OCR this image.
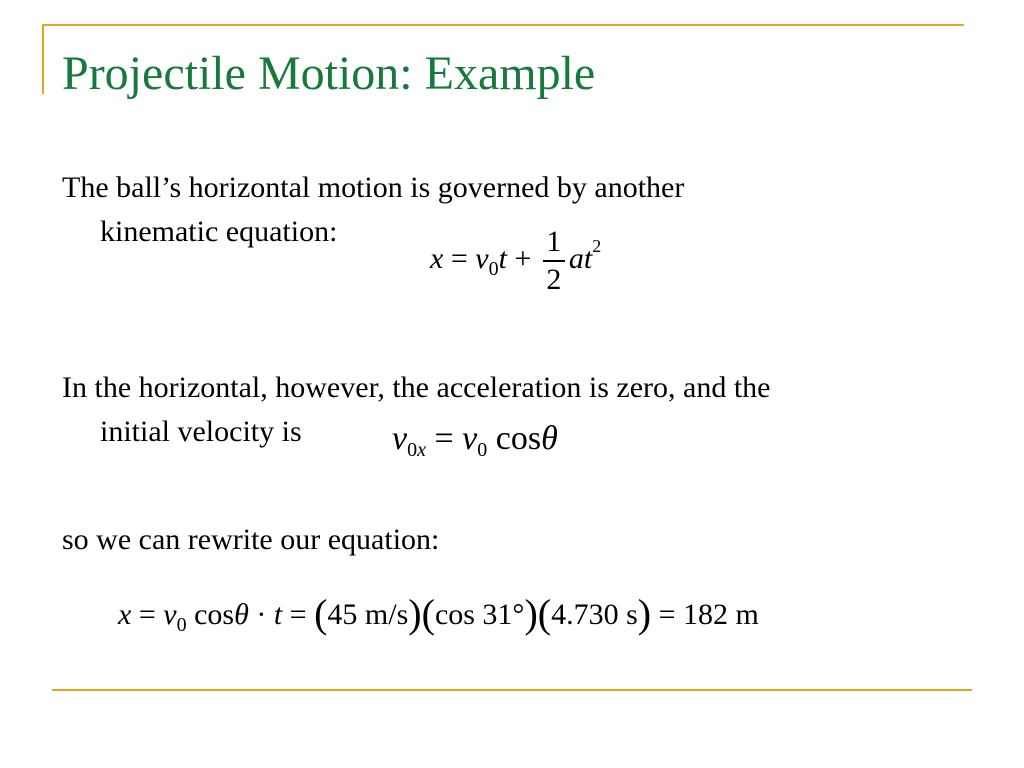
Projectile Motion: Example
The ball’s horizontal motion is governed by another
kinematic equation:
$x = v_0t + \frac{1}{2} at^2$
In the horizontal, however, the acceleration is zero, and the
initial velocity is	$v_{0x} = v_0$ cosθ
so we can rewrite our equation:
$x = v_0$ cosθ · t = (45 m/s)(cos 31°)(4.730 s) = 182 m
